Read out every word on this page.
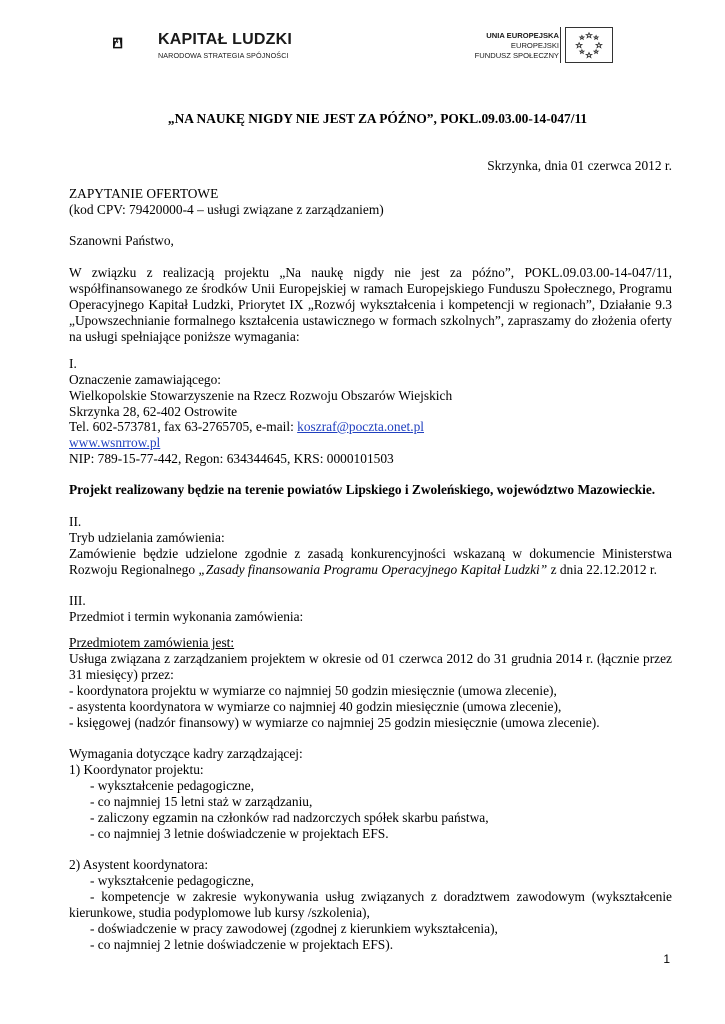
KAPITAŁ LUDZKI
NARODOWA STRATEGIA SPÓJNOŚCI
UNIA EUROPEJSKA
EUROPEJSKI
FUNDUSZ SPOŁECZNY
„NA NAUKĘ NIGDY NIE JEST ZA PÓŹNO”, POKL.09.03.00-14-047/11
Skrzynka, dnia 01 czerwca 2012 r.
ZAPYTANIE OFERTOWE
(kod CPV: 79420000-4 – usługi związane z zarządzaniem)
Szanowni Państwo,
W związku z realizacją projektu „Na naukę nigdy nie jest za późno”, POKL.09.03.00-14-047/11,
współfinansowanego ze środków Unii Europejskiej w ramach Europejskiego Funduszu Społecznego, Programu
Operacyjnego Kapitał Ludzki, Priorytet IX „Rozwój wykształcenia i kompetencji w regionach”, Działanie 9.3
„Upowszechnianie formalnego kształcenia ustawicznego w formach szkolnych”, zapraszamy do złożenia oferty
na usługi spełniające poniższe wymagania:
I.
Oznaczenie zamawiającego:
Wielkopolskie Stowarzyszenie na Rzecz Rozwoju Obszarów Wiejskich
Skrzynka 28, 62-402 Ostrowite
Tel. 602-573781, fax 63-2765705, e-mail: koszraf@poczta.onet.pl
www.wsnrrow.pl
NIP: 789-15-77-442, Regon: 634344645, KRS: 0000101503
Projekt realizowany będzie na terenie powiatów Lipskiego i Zwoleńskiego, województwo Mazowieckie.
II.
Tryb udzielania zamówienia:
Zamówienie będzie udzielone zgodnie z zasadą konkurencyjności wskazaną w dokumencie Ministerstwa
Rozwoju Regionalnego „Zasady finansowania Programu Operacyjnego Kapitał Ludzki” z dnia 22.12.2012 r.
III.
Przedmiot i termin wykonania zamówienia:
Przedmiotem zamówienia jest:
Usługa związana z zarządzaniem projektem w okresie od 01 czerwca 2012 do 31 grudnia 2014 r. (łącznie przez
31 miesięcy) przez:
- koordynatora projektu w wymiarze co najmniej 50 godzin miesięcznie (umowa zlecenie),
- asystenta koordynatora w wymiarze co najmniej 40 godzin miesięcznie (umowa zlecenie),
- księgowej (nadzór finansowy) w wymiarze co najmniej 25 godzin miesięcznie (umowa zlecenie).
Wymagania dotyczące kadry zarządzającej:
1) Koordynator projektu:
- wykształcenie pedagogiczne,
- co najmniej 15 letni staż w zarządzaniu,
- zaliczony egzamin na członków rad nadzorczych spółek skarbu państwa,
- co najmniej 3 letnie doświadczenie w projektach EFS.
2) Asystent koordynatora:
- wykształcenie pedagogiczne,
- kompetencje w zakresie wykonywania usług związanych z doradztwem zawodowym (wykształcenie
kierunkowe, studia podyplomowe lub kursy /szkolenia),
- doświadczenie w pracy zawodowej (zgodnej z kierunkiem wykształcenia),
- co najmniej 2 letnie doświadczenie w projektach EFS).
1
